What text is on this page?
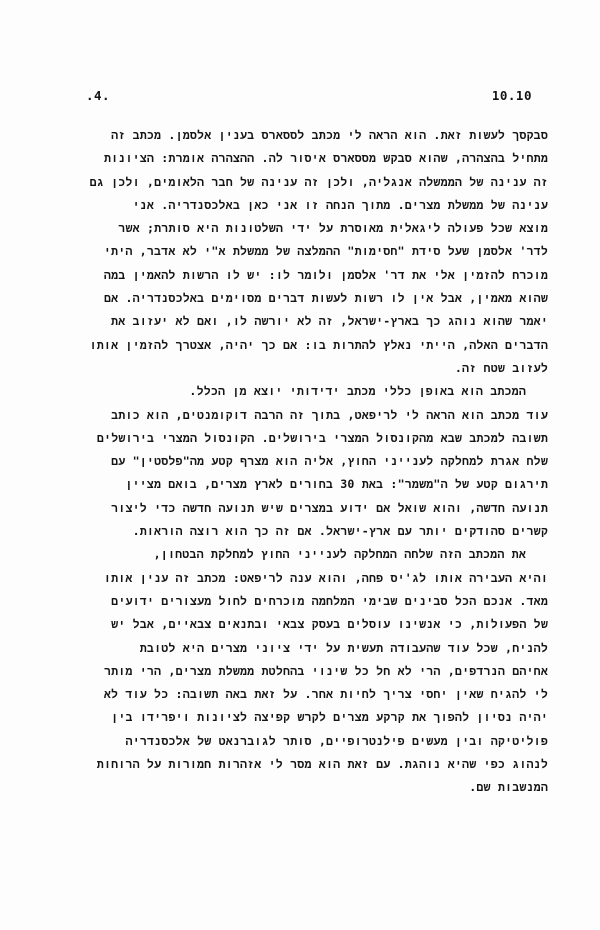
.4.	10.10
סבקסך לעשות זאת. הוא הראה לי מכתב לססארס בענין אלסמן. מכתב זה
מתחיל בהצהרה, שהוא סבקש מססארס איסור לה. ההצהרה אומרת: הציונות
זה ענינה של הממשלה אנגליה, ולכן זה ענינה של חבר הלאומים, ולכן גם
ענינה של ממשלת מצרים. מתוך הנחה זו אני כאן באלכסנדריה. אני
מוצא שכל פעולה ליגאלית מאוסרת על ידי השלטונות היא סותרת; אשר
לדר' אלסמן שעל סידת "חסימות" ההמלצה של ממשלת א"י לא אדבר, היתי
מוכרח להזמין אלי את דר' אלסמן ולומר לו: יש לו הרשות להאמין במה
שהוא מאמין, אבל אין לו רשות לעשות דברים מסוימים באלכסנדריה. אם
יאמר שהוא נוהג כך בארץ-ישראל, זה לא יורשה לו, ואם לא יעזוב את
הדברים האלה, הייתי נאלץ להתרות בו: אם כך יהיה, אצטרך להזמין אותו
לעזוב שטח זה.
המכתב הוא באופן כללי מכתב ידידותי יוצא מן הכלל.
עוד מכתב הוא הראה לי לריפאט, בתוך זה הרבה דוקומנטים, הוא כותב
תשובה למכתב שבא מהקונסול המצרי בירושלים. הקונסול המצרי בירושלים
שלח אגרת למחלקה לענייני החוץ, אליה הוא מצרף קטע מה"פלסטין" עם
תירגום קטע של ה"משמר": באת 30 בחורים לארץ מצרים, בואם מציין
תנועה חדשה, והוא שואל אם ידוע במצרים שיש תנועה חדשה כדי ליצור
קשרים סהודקים יותר עם ארץ-ישראל. אם זה כך הוא רוצה הוראות.
את המכתב הזה שלחה המחלקה לענייני החוץ למחלקת הבטחון,
והיא העבירה אותו לג'יס פחה, והוא ענה לריפאט: מכתב זה ענין אותו
מאד. אנכם הכל סבינים שבימי המלחמה מוכרחים לחול מעצורים ידועים
של הפעולות, כי אנשינו עוסלים בעסק צבאי ובתנאים צבאיים, אבל יש
להניח, שכל עוד שהעבודה תעשית על ידי ציוני מצרים היא לטובת
אחיהם הנרדפים, הרי לא חל כל שינוי בהחלטת ממשלת מצרים, הרי מותר
לי להגיח שאין יחסי צריך לחיות אחר. על זאת באה תשובה: כל עוד לא
יהיה נסיון להפוך את קרקע מצרים לקרש קפיצה לציונות ויפרידו בין
פוליטיקה ובין מעשים פילנטרופיים, סותר לגוברנאט של אלכסנדריה
לנהוג כפי שהיא נוהגת. עם זאת הוא מסר לי אזהרות חמורות על הרוחות
המנשבות שם.
